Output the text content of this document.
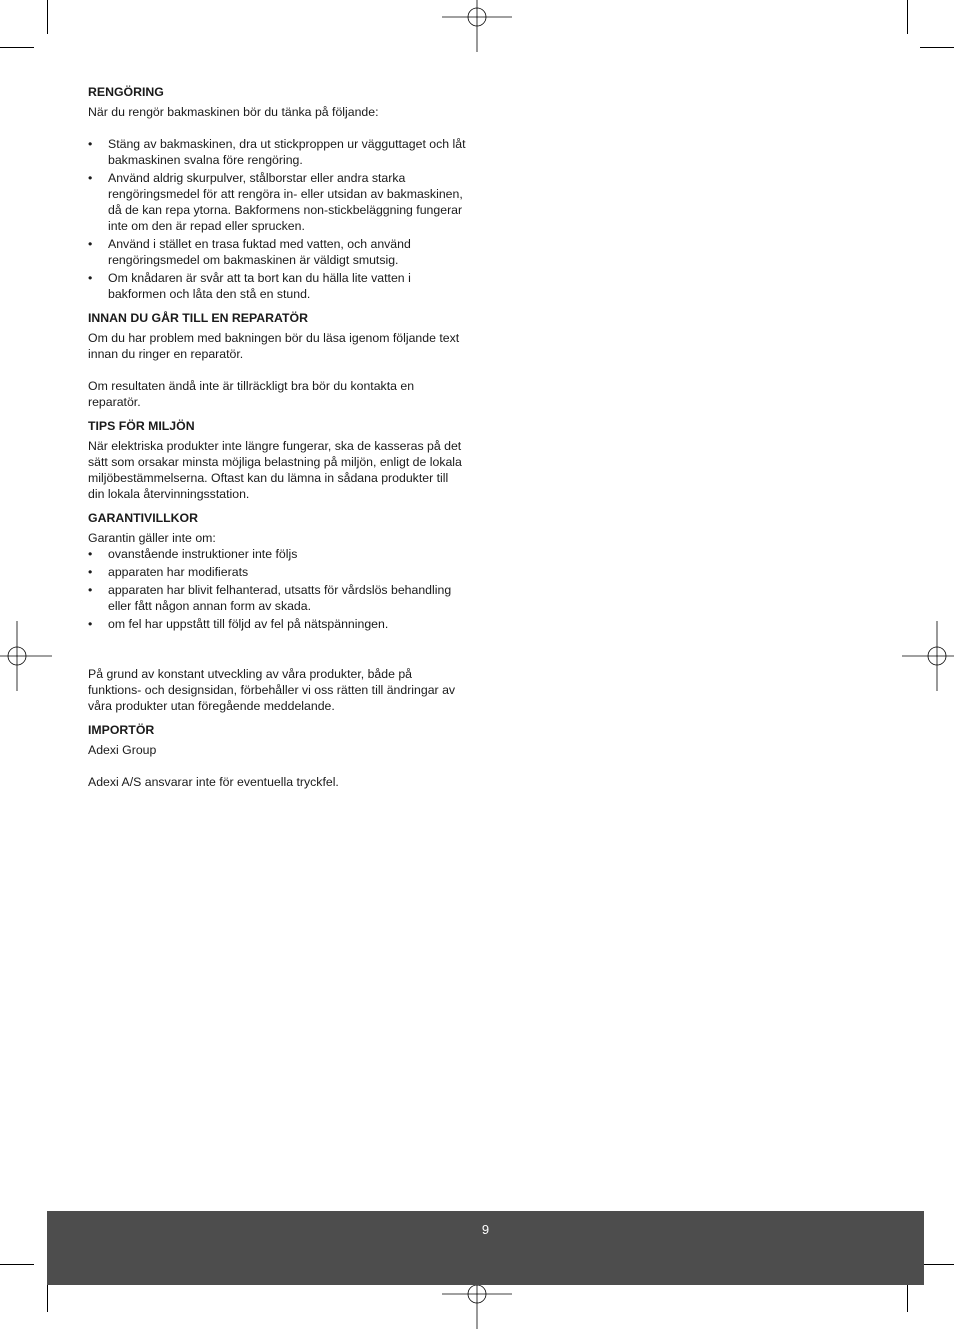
RENGÖRING

När du rengör bakmaskinen bör du tänka på följande:

• Stäng av bakmaskinen, dra ut stickproppen ur vägguttaget och låt bakmaskinen svalna före rengöring.
• Använd aldrig skurpulver, stålborstar eller andra starka rengöringsmedel för att rengöra in- eller utsidan av bakmaskinen, då de kan repa ytorna. Bakformens non-stickbeläggning fungerar inte om den är repad eller sprucken.
• Använd i stället en trasa fuktad med vatten, och använd rengöringsmedel om bakmaskinen är väldigt smutsig.
• Om knådaren är svår att ta bort kan du hälla lite vatten i bakformen och låta den stå en stund.
INNAN DU GÅR TILL EN REPARATÖR

Om du har problem med bakningen bör du läsa igenom följande text innan du ringer en reparatör.

Om resultaten ändå inte är tillräckligt bra bör du kontakta en reparatör.

TIPS FÖR MILJÖN

När elektriska produkter inte längre fungerar, ska de kasseras på det sätt som orsakar minsta möjliga belastning på miljön, enligt de lokala miljöbestämmelserna. Oftast kan du lämna in sådana produkter till din lokala återvinningsstation.

GARANTIVILLKOR

Garantin gäller inte om:

• ovanstående instruktioner inte följs
• apparaten har modifierats
• apparaten har blivit felhanterad, utsatts för vårdslös behandling eller fått någon annan form av skada.
• om fel har uppstått till följd av fel på nätspänningen.

På grund av konstant utveckling av våra produkter, både på funktions- och designsidan, förbehåller vi oss rätten till ändringar av våra produkter utan föregående meddelande.

IMPORTÖR

Adexi Group

Adexi A/S ansvarar inte för eventuella tryckfel.

9
